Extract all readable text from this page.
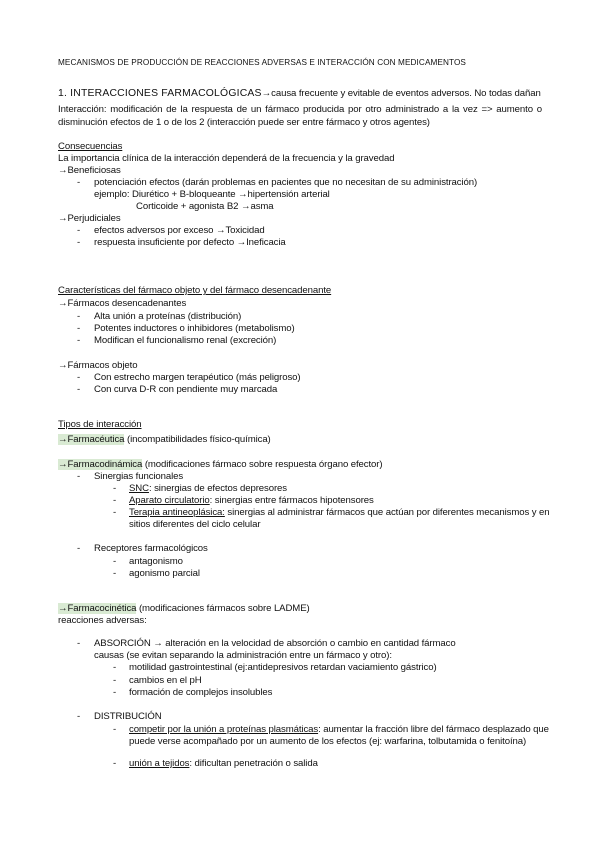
MECANISMOS DE PRODUCCIÓN DE REACCIONES ADVERSAS E INTERACCIÓN CON MEDICAMENTOS
1. INTERACCIONES FARMACOLÓGICAS→causa frecuente y evitable de eventos adversos. No todas dañan
Interacción: modificación de la respuesta de un fármaco producida por otro administrado a la vez => aumento o
disminución efectos de 1 o de los 2 (interacción puede ser entre fármaco y otros agentes)
Consecuencias
La importancia clínica de la interacción dependerá de la frecuencia y la gravedad
→Beneficiosas
- potenciación efectos (darán problemas en pacientes que no necesitan de su administración)
ejemplo: Diurético + B-bloqueante →hipertensión arterial
Corticoide + agonista B2 →asma
→Perjudiciales
- efectos adversos por exceso →Toxicidad
- respuesta insuficiente por defecto →Ineficacia
Características del fármaco objeto y del fármaco desencadenante
→Fármacos desencadenantes
- Alta unión a proteínas (distribución)
- Potentes inductores o inhibidores (metabolismo)
- Modifican el funcionalismo renal (excreción)
→Fármacos objeto
- Con estrecho margen terapéutico (más peligroso)
- Con curva D-R con pendiente muy marcada
Tipos de interacción
→Farmacéutica (incompatibilidades físico-química)
→Farmacodinámica (modificaciones fármaco sobre respuesta órgano efector)
- Sinergias funcionales
- SNC: sinergias de efectos depresores
- Aparato circulatorio: sinergias entre fármacos hipotensores
- Terapia antineoplásica: sinergias al administrar fármacos que actúan por diferentes mecanismos y en
sitios diferentes del ciclo celular
- Receptores farmacológicos
- antagonismo
- agonismo parcial
→Farmacocinética (modificaciones fármacos sobre LADME)
reacciones adversas:
- ABSORCIÓN → alteración en la velocidad de absorción o cambio en cantidad fármaco
causas (se evitan separando la administración entre un fármaco y otro):
- motilidad gastrointestinal (ej:antidepresivos retardan vaciamiento gástrico)
- cambios en el pH
- formación de complejos insolubles
- DISTRIBUCIÓN
- competir por la unión a proteínas plasmáticas: aumentar la fracción libre del fármaco desplazado que
puede verse acompañado por un aumento de los efectos (ej: warfarina, tolbutamida o fenitoína)
- unión a tejidos: dificultan penetración o salida
